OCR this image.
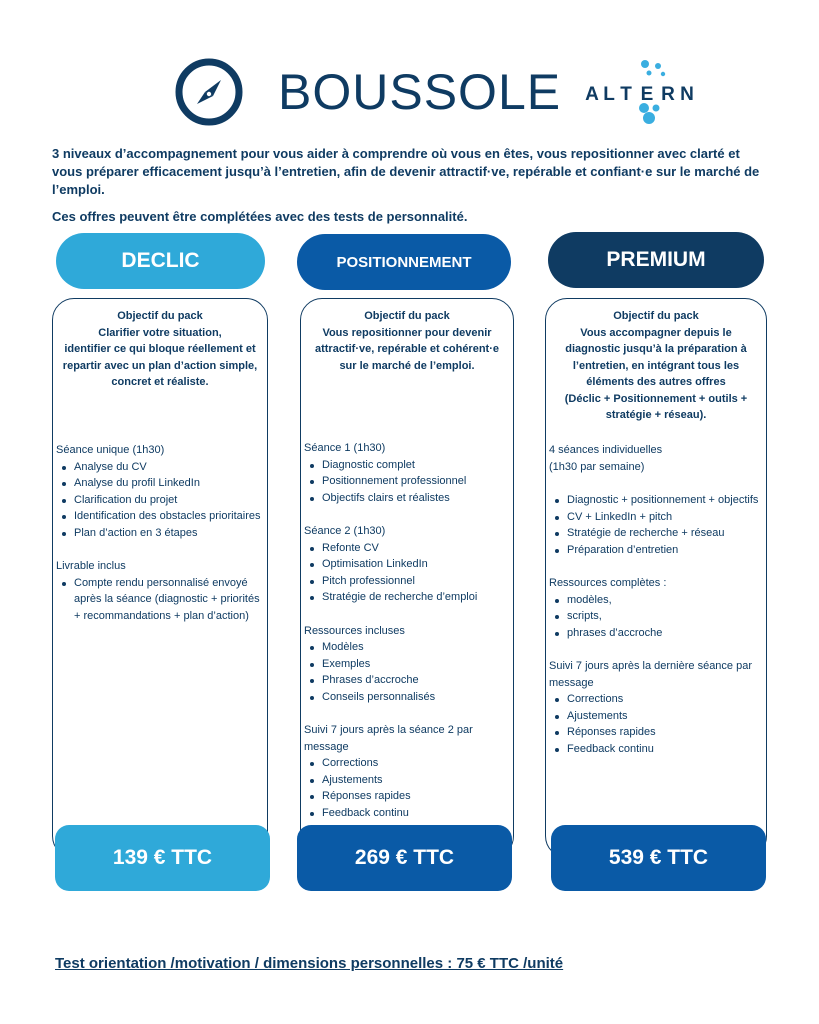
BOUSSOLE A L T E R N

3 niveaux d’accompagnement pour vous aider à comprendre où vous en êtes, vous repositionner avec clarté et vous préparer efficacement jusqu’à l’entretien, afin de devenir attractif·ve, repérable et confiant·e sur le marché de l’emploi.

Ces offres peuvent être complétées avec des tests de personnalité.

DECLIC	POSITIONNEMENT	PREMIUM
Objectif du pack
Clarifier votre situation,
identifier ce qui bloque réellement et
repartir avec un plan d’action simple,
concret et réaliste.
Séance unique (1h30)
Analyse du CV
Analyse du profil LinkedIn
Clarification du projet
Identification des obstacles prioritaires
Plan d’action en 3 étapes
Livrable inclus
Compte rendu personnalisé envoyé après la séance (diagnostic + priorités + recommandations + plan d’action)
Objectif du pack
Vous repositionner pour devenir
attractif·ve, repérable et cohérent·e
sur le marché de l’emploi.
Séance 1 (1h30)
Diagnostic complet
Positionnement professionnel
Objectifs clairs et réalistes
Séance 2 (1h30)
Refonte CV
Optimisation LinkedIn
Pitch professionnel
Stratégie de recherche d’emploi
Ressources incluses
Modèles
Exemples
Phrases d’accroche
Conseils personnalisés
Suivi 7 jours après la séance 2 par message
Corrections
Ajustements
Réponses rapides
Feedback continu
Objectif du pack
Vous accompagner depuis le
diagnostic jusqu’à la préparation à
l’entretien, en intégrant tous les
éléments des autres offres
(Déclic + Positionnement + outils +
stratégie + réseau).
4 séances individuelles
(1h30 par semaine)
Diagnostic + positionnement + objectifs
CV + LinkedIn + pitch
Stratégie de recherche + réseau
Préparation d’entretien
Ressources complètes :
modèles,
scripts,
phrases d’accroche
Suivi 7 jours après la dernière séance par message
Corrections
Ajustements
Réponses rapides
Feedback continu
139 € TTC	269 € TTC	539 € TTC
Test orientation /motivation / dimensions personnelles : 75 € TTC /unité
